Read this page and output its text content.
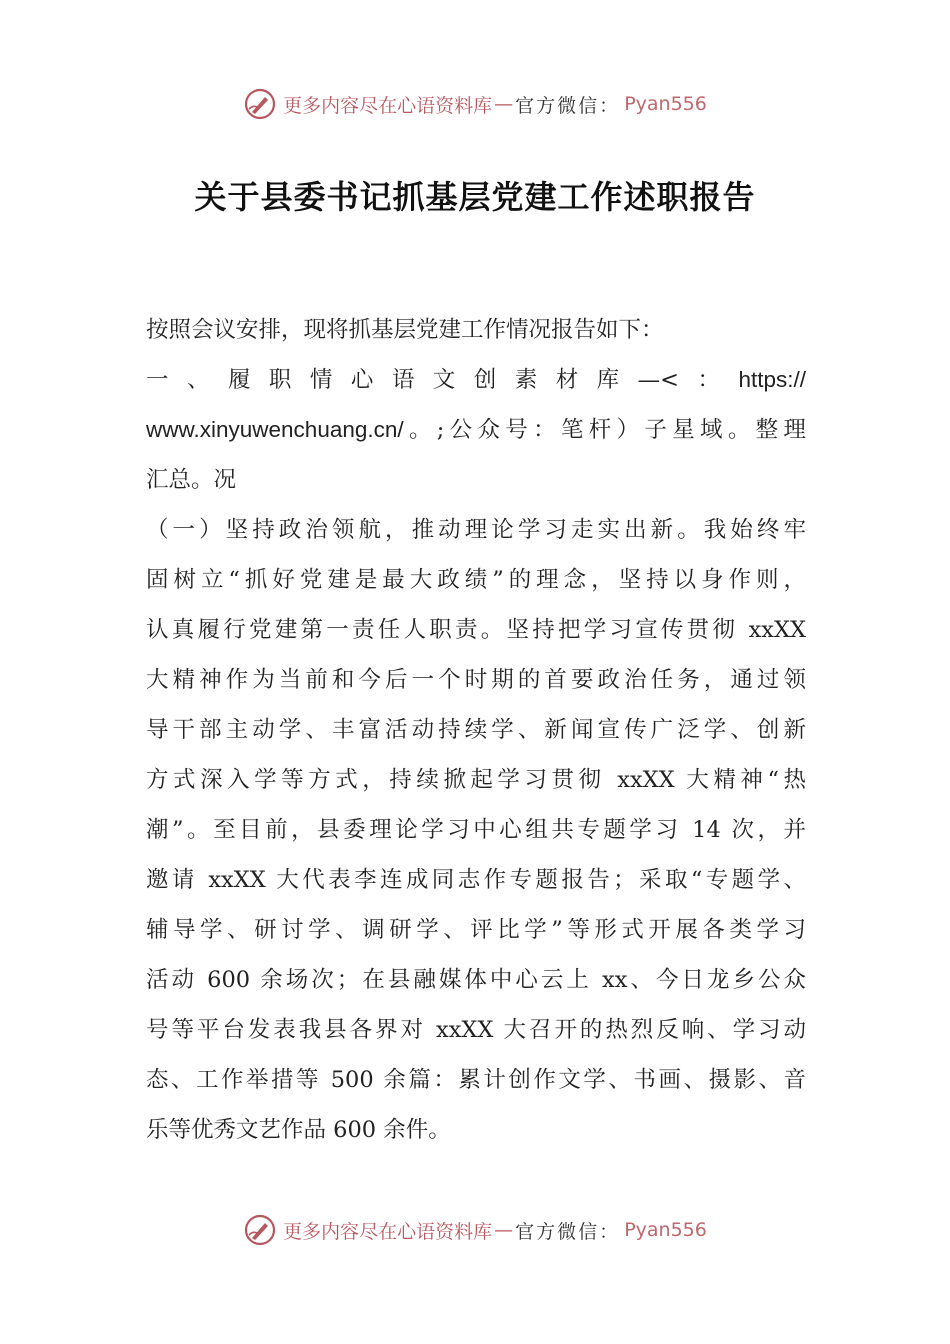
更多内容尽在心语资料库 — 官方微信： Pyan556
关于县委书记抓基层党建工作述职报告

按照会议安排，现将抓基层党建工作情况报告如下：

一、履职情心语文创素材库—<：https://

www.xinyuwenchuang.cn/。;公众号：笔杆）子星域。整理

汇总。况

（一）坚持政治领航，推动理论学习走实出新。我始终牢

固树立“抓好党建是最大政绩”的理念，坚持以身作则，

认真履行党建第一责任人职责。坚持把学习宣传贯彻 xxXX

大精神作为当前和今后一个时期的首要政治任务，通过领

导干部主动学、丰富活动持续学、新闻宣传广泛学、创新

方式深入学等方式，持续掀起学习贯彻 xxXX 大精神“热

潮”。至目前，县委理论学习中心组共专题学习 14 次，并

邀请 xxXX 大代表李连成同志作专题报告；采取“专题学、

辅导学、研讨学、调研学、评比学”等形式开展各类学习

活动 600 余场次；在县融媒体中心云上 xx、今日龙乡公众

号等平台发表我县各界对 xxXX 大召开的热烈反响、学习动

态、工作举措等 500 余篇：累计创作文学、书画、摄影、音

乐等优秀文艺作品 600 余件。

更多内容尽在心语资料库 — 官方微信： Pyan556
